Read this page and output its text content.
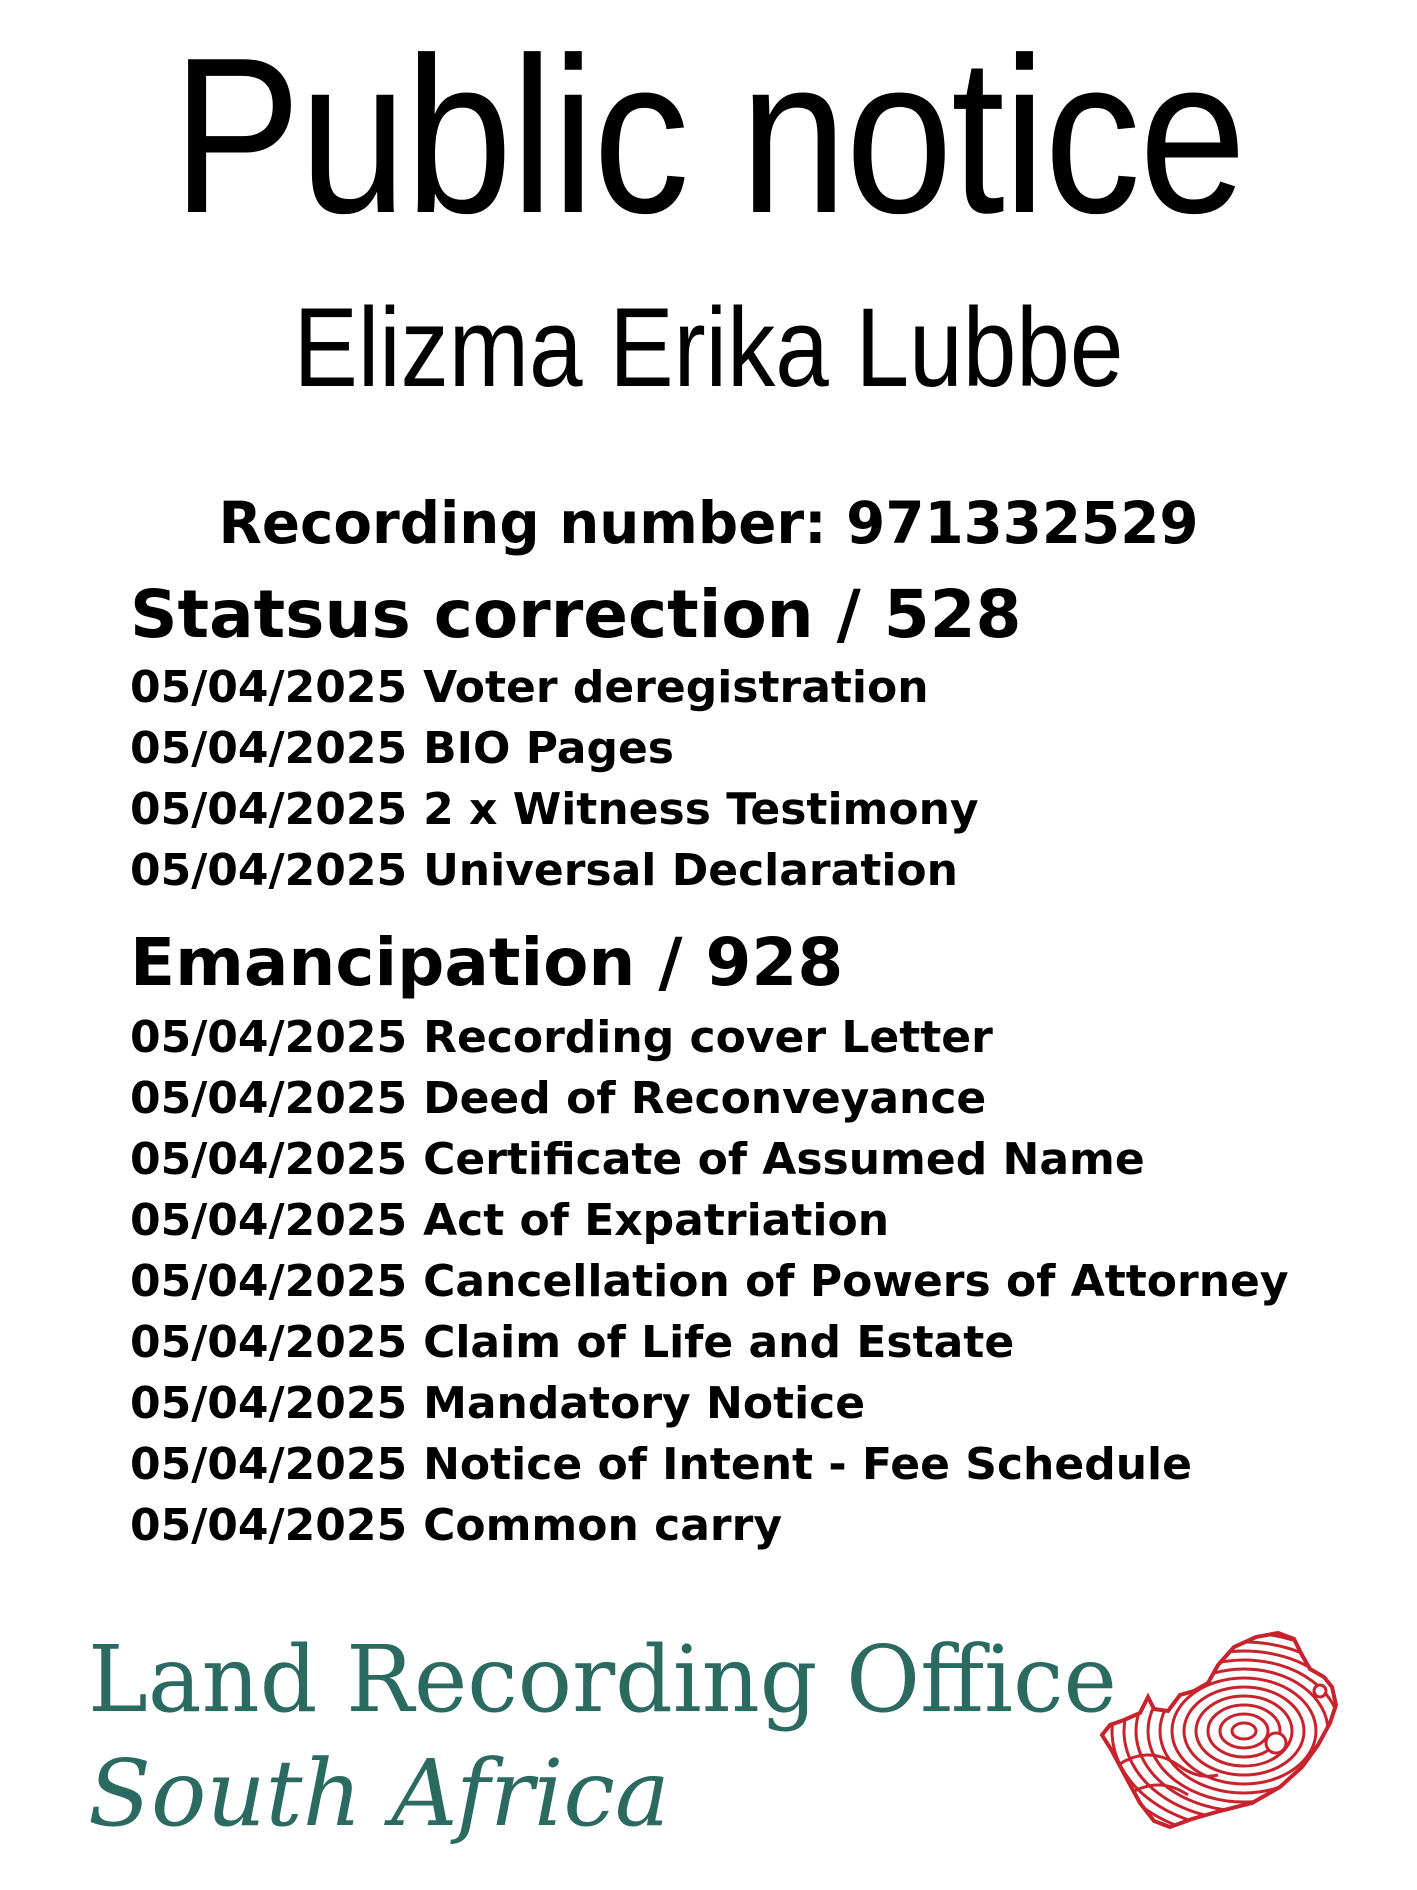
Public notice
Elizma Erika Lubbe
Recording number: 971332529
Statsus correction / 528
05/04/2025 Voter deregistration
05/04/2025 BIO Pages
05/04/2025 2 x Witness Testimony
05/04/2025 Universal Declaration
Emancipation / 928
05/04/2025 Recording cover Letter
05/04/2025 Deed of Reconveyance
05/04/2025 Certificate of Assumed Name
05/04/2025 Act of Expatriation
05/04/2025 Cancellation of Powers of Attorney
05/04/2025 Claim of Life and Estate
05/04/2025 Mandatory Notice
05/04/2025 Notice of Intent - Fee Schedule
05/04/2025 Common carry
Land Recording Office
South Africa
